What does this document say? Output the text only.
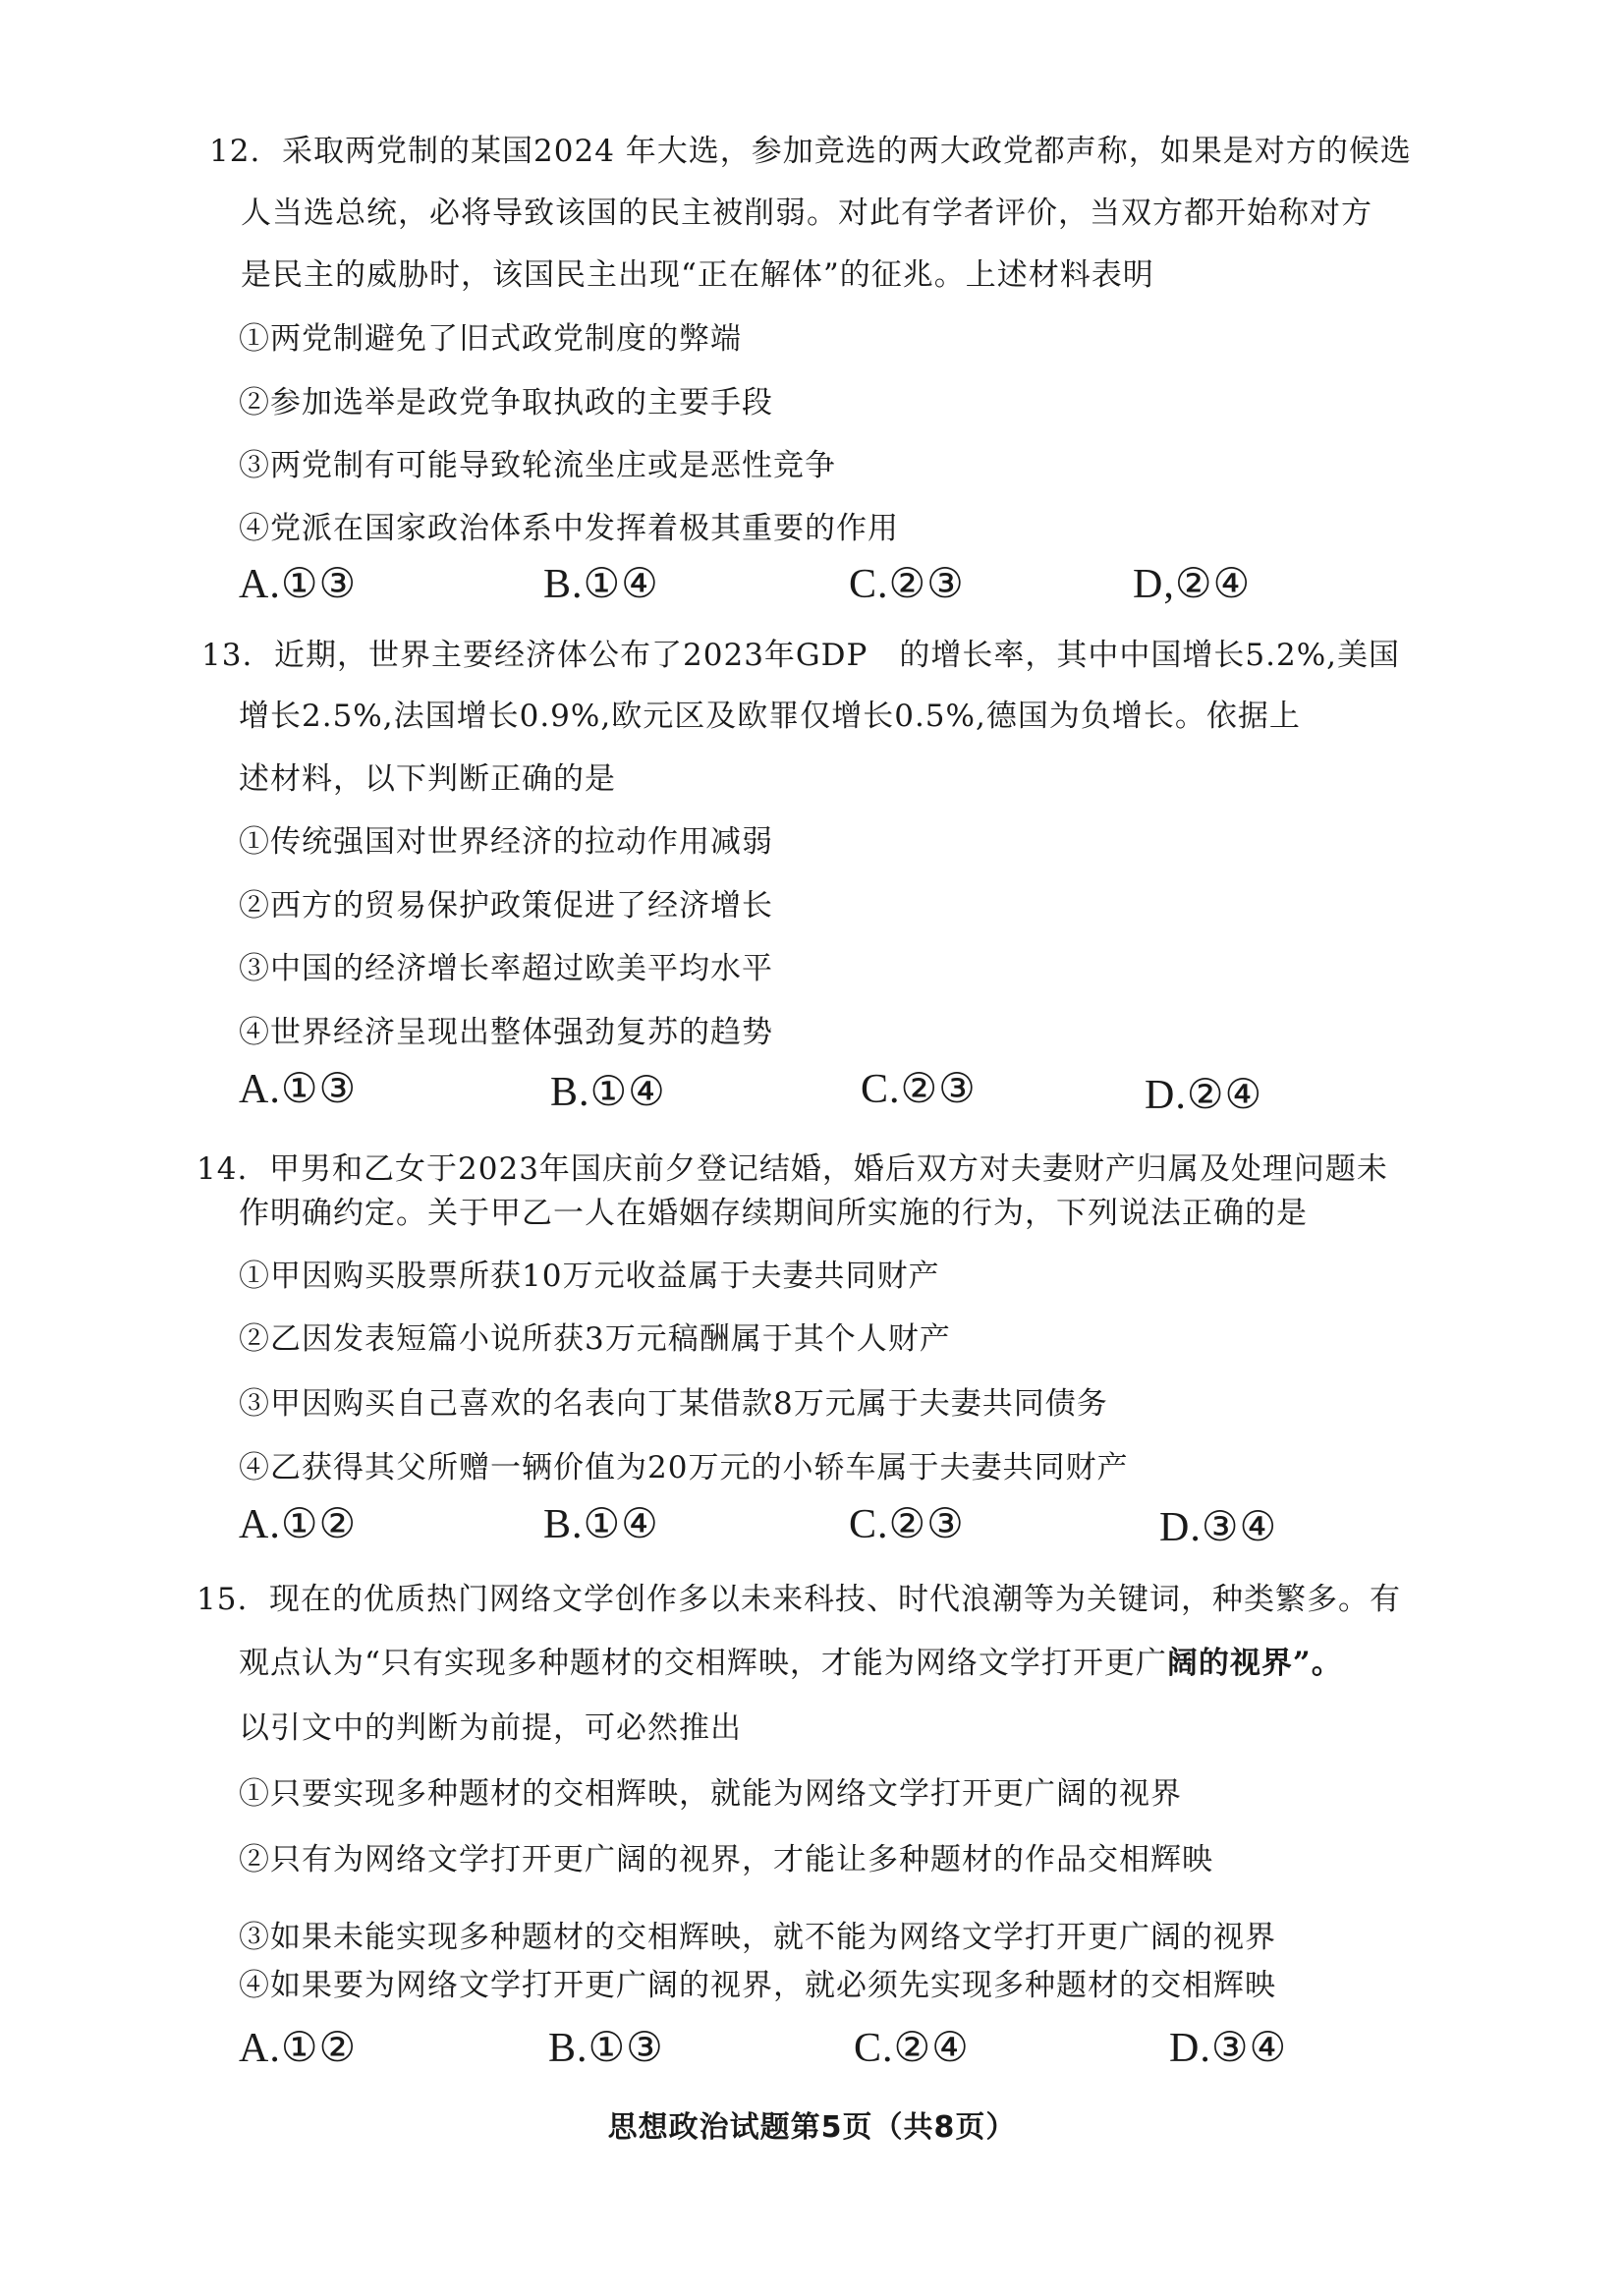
12. 采取两党制的某国2024 年大选，参加竞选的两大政党都声称，如果是对方的候选
人当选总统，必将导致该国的民主被削弱。对此有学者评价，当双方都开始称对方
是民主的威胁时，该国民主出现“正在解体”的征兆。上述材料表明
①两党制避免了旧式政党制度的弊端
②参加选举是政党争取执政的主要手段
③两党制有可能导致轮流坐庄或是恶性竞争
④党派在国家政治体系中发挥着极其重要的作用
A.①③	B.①④	C.②③	D,②④
13. 近期，世界主要经济体公布了2023年GDP　的增长率，其中中国增长5.2%,美国
增长2.5%,法国增长0.9%,欧元区及欧罪仅增长0.5%,德国为负增长。依据上
述材料，以下判断正确的是
①传统强国对世界经济的拉动作用减弱
②西方的贸易保护政策促进了经济增长
③中国的经济增长率超过欧美平均水平
④世界经济呈现出整体强劲复苏的趋势
A.①③	B.①④	C.②③	D.②④
14. 甲男和乙女于2023年国庆前夕登记结婚，婚后双方对夫妻财产归属及处理问题未
作明确约定。关于甲乙一人在婚姻存续期间所实施的行为，下列说法正确的是
①甲因购买股票所获10万元收益属于夫妻共同财产
②乙因发表短篇小说所获3万元稿酬属于其个人财产
③甲因购买自己喜欢的名表向丁某借款8万元属于夫妻共同债务
④乙获得其父所赠一辆价值为20万元的小轿车属于夫妻共同财产
A.①②	B.①④	C.②③	D.③④
15. 现在的优质热门网络文学创作多以未来科技、时代浪潮等为关键词，种类繁多。有
观点认为“只有实现多种题材的交相辉映，才能为网络文学打开更广阔的视界”。
以引文中的判断为前提，可必然推出
①只要实现多种题材的交相辉映，就能为网络文学打开更广阔的视界
②只有为网络文学打开更广阔的视界，才能让多种题材的作品交相辉映
③如果未能实现多种题材的交相辉映，就不能为网络文学打开更广阔的视界
④如果要为网络文学打开更广阔的视界，就必须先实现多种题材的交相辉映
A.①②	B.①③	C.②④	D.③④
思想政治试题第5页（共8页）
